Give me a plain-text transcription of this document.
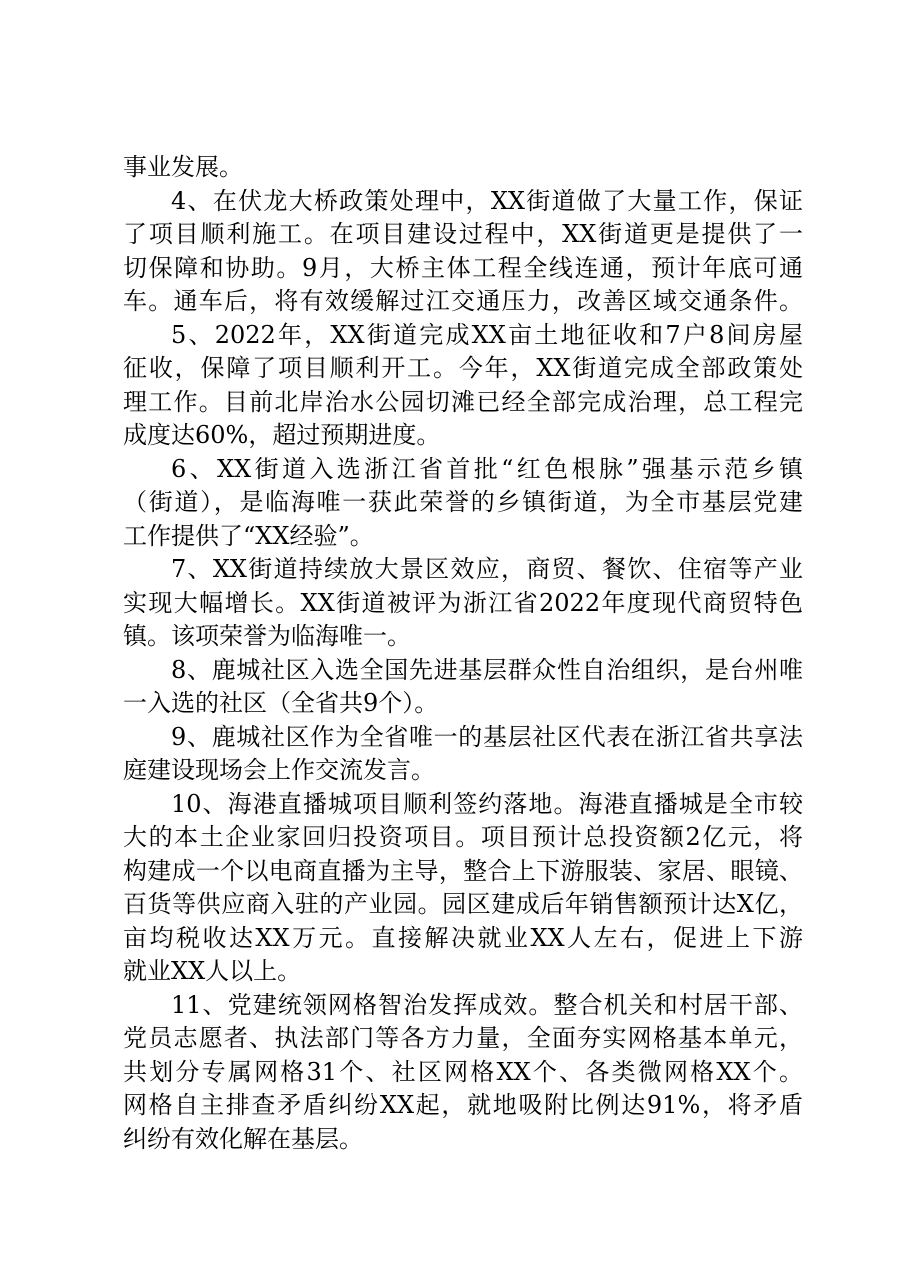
事业发展。
4、在伏龙大桥政策处理中，XX街道做了大量工作，保证
了项目顺利施工。在项目建设过程中，XX街道更是提供了一
切保障和协助。9月，大桥主体工程全线连通，预计年底可通
车。通车后，将有效缓解过江交通压力，改善区域交通条件。
5、2022年，XX街道完成XX亩土地征收和7户8间房屋
征收，保障了项目顺利开工。今年，XX街道完成全部政策处
理工作。目前北岸治水公园切滩已经全部完成治理，总工程完
成度达60%，超过预期进度。
6、XX街道入选浙江省首批“红色根脉”强基示范乡镇
（街道），是临海唯一获此荣誉的乡镇街道，为全市基层党建
工作提供了“XX经验”。
7、XX街道持续放大景区效应，商贸、餐饮、住宿等产业
实现大幅增长。XX街道被评为浙江省2022年度现代商贸特色
镇。该项荣誉为临海唯一。
8、鹿城社区入选全国先进基层群众性自治组织，是台州唯
一入选的社区（全省共9个）。
9、鹿城社区作为全省唯一的基层社区代表在浙江省共享法
庭建设现场会上作交流发言。
10、海港直播城项目顺利签约落地。海港直播城是全市较
大的本土企业家回归投资项目。项目预计总投资额2亿元，将
构建成一个以电商直播为主导，整合上下游服装、家居、眼镜、
百货等供应商入驻的产业园。园区建成后年销售额预计达X亿，
亩均税收达XX万元。直接解决就业XX人左右，促进上下游
就业XX人以上。
11、党建统领网格智治发挥成效。整合机关和村居干部、
党员志愿者、执法部门等各方力量，全面夯实网格基本单元，
共划分专属网格31个、社区网格XX个、各类微网格XX个。
网格自主排查矛盾纠纷XX起，就地吸附比例达91%，将矛盾
纠纷有效化解在基层。
